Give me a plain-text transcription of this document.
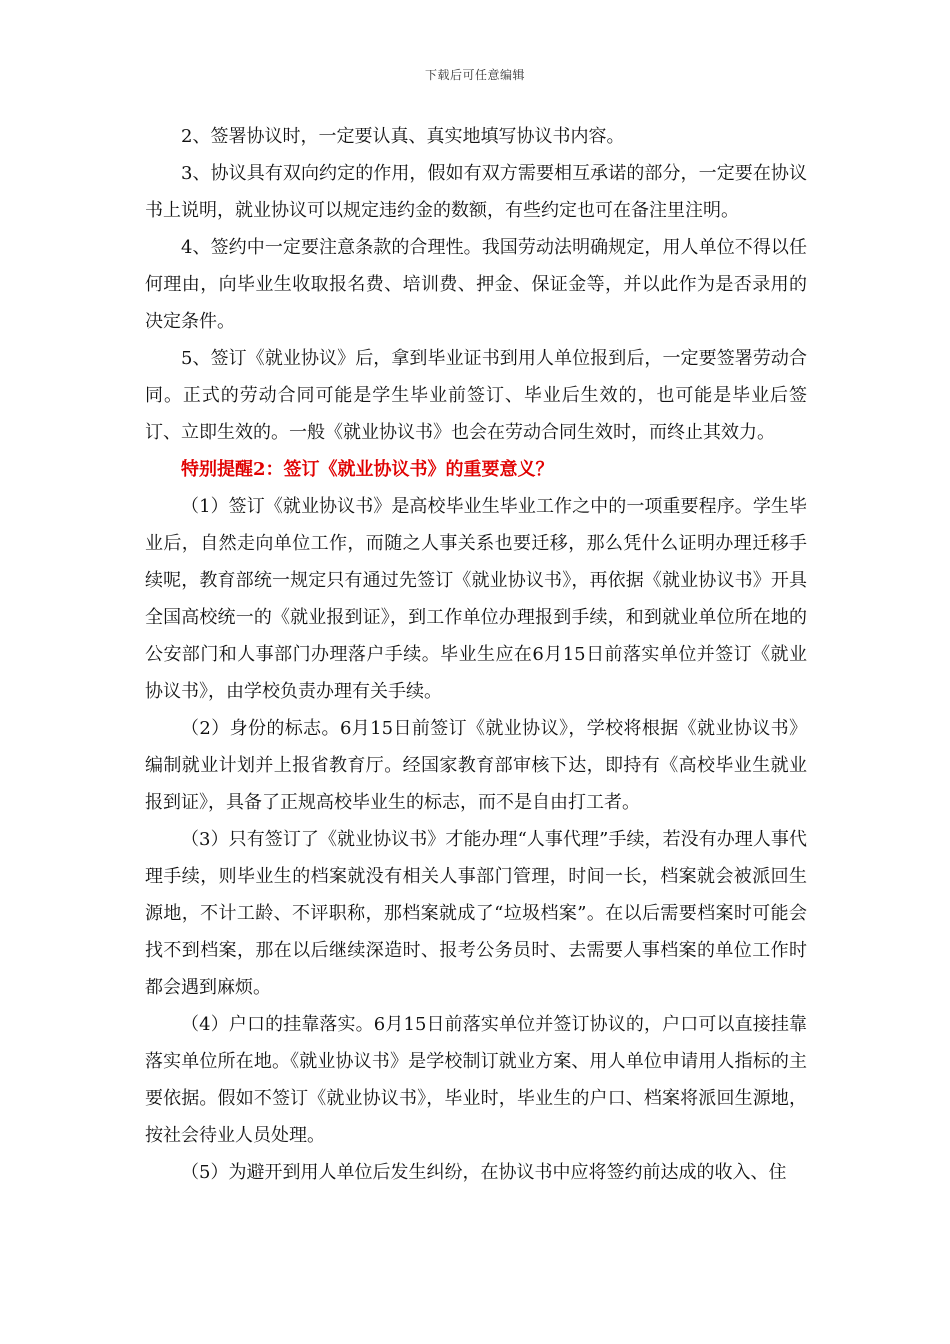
下载后可任意编辑

2、签署协议时，一定要认真、真实地填写协议书内容。

3、协议具有双向约定的作用，假如有双方需要相互承诺的部分，一定要在协议书上说明，就业协议可以规定违约金的数额，有些约定也可在备注里注明。

4、签约中一定要注意条款的合理性。我国劳动法明确规定，用人单位不得以任何理由，向毕业生收取报名费、培训费、押金、保证金等，并以此作为是否录用的决定条件。

5、签订《就业协议》后，拿到毕业证书到用人单位报到后，一定要签署劳动合同。正式的劳动合同可能是学生毕业前签订、毕业后生效的，也可能是毕业后签订、立即生效的。一般《就业协议书》也会在劳动合同生效时，而终止其效力。

特别提醒2：签订《就业协议书》的重要意义？

（1）签订《就业协议书》是高校毕业生毕业工作之中的一项重要程序。学生毕业后，自然走向单位工作，而随之人事关系也要迁移，那么凭什么证明办理迁移手续呢，教育部统一规定只有通过先签订《就业协议书》，再依据《就业协议书》开具全国高校统一的《就业报到证》，到工作单位办理报到手续，和到就业单位所在地的公安部门和人事部门办理落户手续。毕业生应在6月15日前落实单位并签订《就业协议书》，由学校负责办理有关手续。

（2）身份的标志。6月15日前签订《就业协议》，学校将根据《就业协议书》编制就业计划并上报省教育厅。经国家教育部审核下达，即持有《高校毕业生就业报到证》，具备了正规高校毕业生的标志，而不是自由打工者。

（3）只有签订了《就业协议书》才能办理“人事代理”手续，若没有办理人事代理手续，则毕业生的档案就没有相关人事部门管理，时间一长，档案就会被派回生源地，不计工龄、不评职称，那档案就成了“垃圾档案”。在以后需要档案时可能会找不到档案，那在以后继续深造时、报考公务员时、去需要人事档案的单位工作时都会遇到麻烦。

（4）户口的挂靠落实。6月15日前落实单位并签订协议的，户口可以直接挂靠落实单位所在地。《就业协议书》是学校制订就业方案、用人单位申请用人指标的主要依据。假如不签订《就业协议书》，毕业时，毕业生的户口、档案将派回生源地，按社会待业人员处理。

（5）为避开到用人单位后发生纠纷，在协议书中应将签约前达成的收入、住
